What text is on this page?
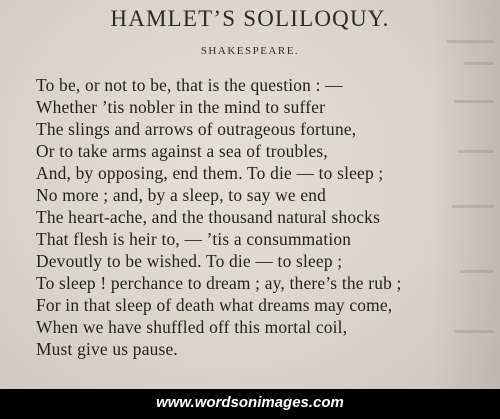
HAMLET’S SOLILOQUY.
SHAKESPEARE.
To be, or not to be, that is the question : —
Whether ’tis nobler in the mind to suffer
The slings and arrows of outrageous fortune,
Or to take arms against a sea of troubles,
And, by opposing, end them. To die — to sleep ;
No more ; and, by a sleep, to say we end
The heart-ache, and the thousand natural shocks
That flesh is heir to, — ’tis a consummation
Devoutly to be wished. To die — to sleep ;
To sleep ! perchance to dream ; ay, there’s the rub ;
For in that sleep of death what dreams may come,
When we have shuffled off this mortal coil,
Must give us pause.
www.wordsonimages.com
